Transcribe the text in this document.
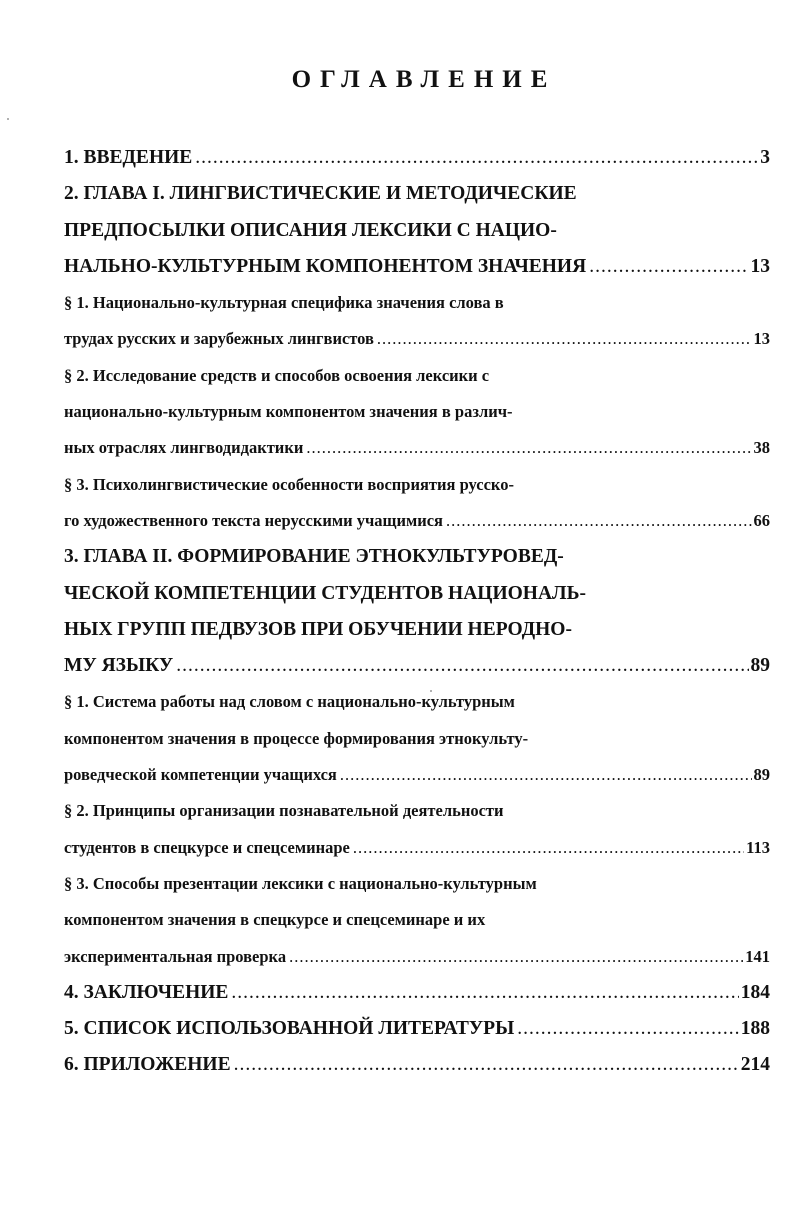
ОГЛАВЛЕНИЕ
1. ВВЕДЕНИЕ .....	3
2. ГЛАВА I. ЛИНГВИСТИЧЕСКИЕ И МЕТОДИЧЕСКИЕ
ПРЕДПОСЫЛКИ ОПИСАНИЯ ЛЕКСИКИ С НАЦИО-
НАЛЬНО-КУЛЬТУРНЫМ КОМПОНЕНТОМ ЗНАЧЕНИЯ .....	13
§ 1. Национально-культурная специфика значения слова в
трудах русских и зарубежных лингвистов .....	13
§ 2. Исследование средств и способов освоения лексики с
национально-культурным компонентом значения в различ-
ных отраслях лингводидактики .....	38
§ 3. Психолингвистические особенности восприятия русско-
го художественного текста нерусскими учащимися .....	66
3. ГЛАВА II. ФОРМИРОВАНИЕ ЭТНОКУЛЬТУРОВЕД-
ЧЕСКОЙ КОМПЕТЕНЦИИ СТУДЕНТОВ НАЦИОНАЛЬ-
НЫХ ГРУПП ПЕДВУЗОВ ПРИ ОБУЧЕНИИ НЕРОДНО-
МУ ЯЗЫКУ .....	89
§ 1. Система работы над словом с национально-культурным
компонентом значения в процессе формирования этнокульту-
роведческой компетенции учащихся .....	89
§ 2. Принципы организации познавательной деятельности
студентов в спецкурсе и спецсеминаре .....	113
§ 3. Способы презентации лексики с национально-культурным
компонентом значения в спецкурсе и спецсеминаре и их
экспериментальная проверка .....	141
4. ЗАКЛЮЧЕНИЕ .....	184
5. СПИСОК ИСПОЛЬЗОВАННОЙ ЛИТЕРАТУРЫ .....	188
6. ПРИЛОЖЕНИЕ .....	214
